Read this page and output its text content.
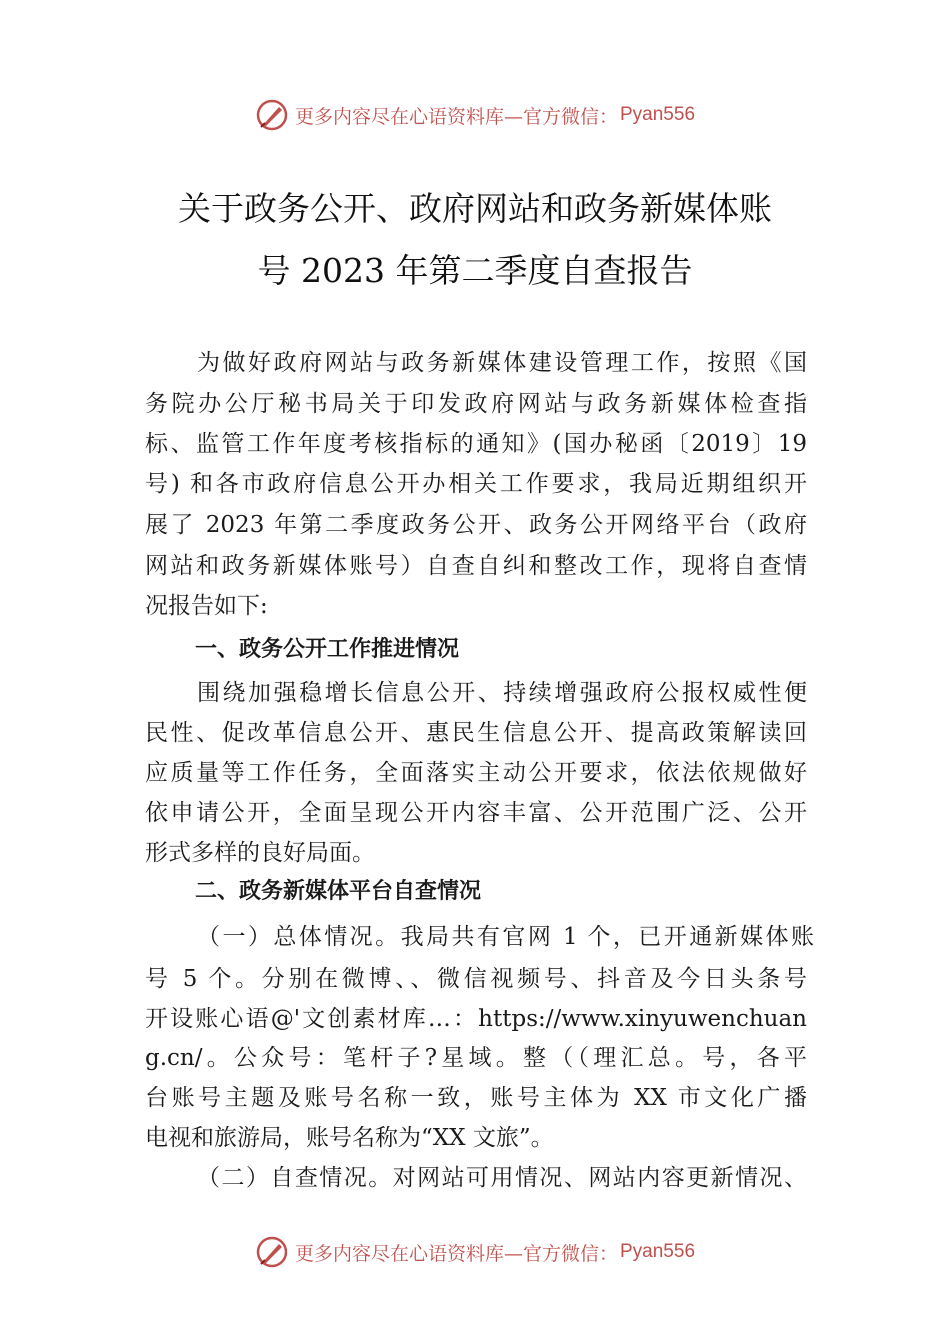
更多内容尽在心语资料库—官方微信： Pyan556
关于政务公开、政府网站和政务新媒体账
号 2023 年第二季度自查报告
为做好政府网站与政务新媒体建设管理工作，按照《国
务院办公厅秘书局关于印发政府网站与政务新媒体检查指
标、监管工作年度考核指标的通知》(国办秘函〔2019〕19
号) 和各市政府信息公开办相关工作要求，我局近期组织开
展了 2023 年第二季度政务公开、政务公开网络平台（政府
网站和政务新媒体账号）自查自纠和整改工作，现将自查情
况报告如下:
一、政务公开工作推进情况
围绕加强稳增长信息公开、持续增强政府公报权威性便
民性、促改革信息公开、惠民生信息公开、提高政策解读回
应质量等工作任务，全面落实主动公开要求，依法依规做好
依申请公开，全面呈现公开内容丰富、公开范围广泛、公开
形式多样的良好局面。
二、政务新媒体平台自查情况
（一）总体情况。我局共有官网 1 个，已开通新媒体账
号 5 个。分别在微博、、微信视频号、抖音及今日头条号
开设账心语@'文创素材库…：https://www.xinyuwenchuan
g.cn/。公众号：笔杆子?星域。整（（理汇总。号，各平
台账号主题及账号名称一致，账号主体为 XX 市文化广播
电视和旅游局，账号名称为“XX 文旅”。
（二）自查情况。对网站可用情况、网站内容更新情况、
更多内容尽在心语资料库—官方微信： Pyan556
